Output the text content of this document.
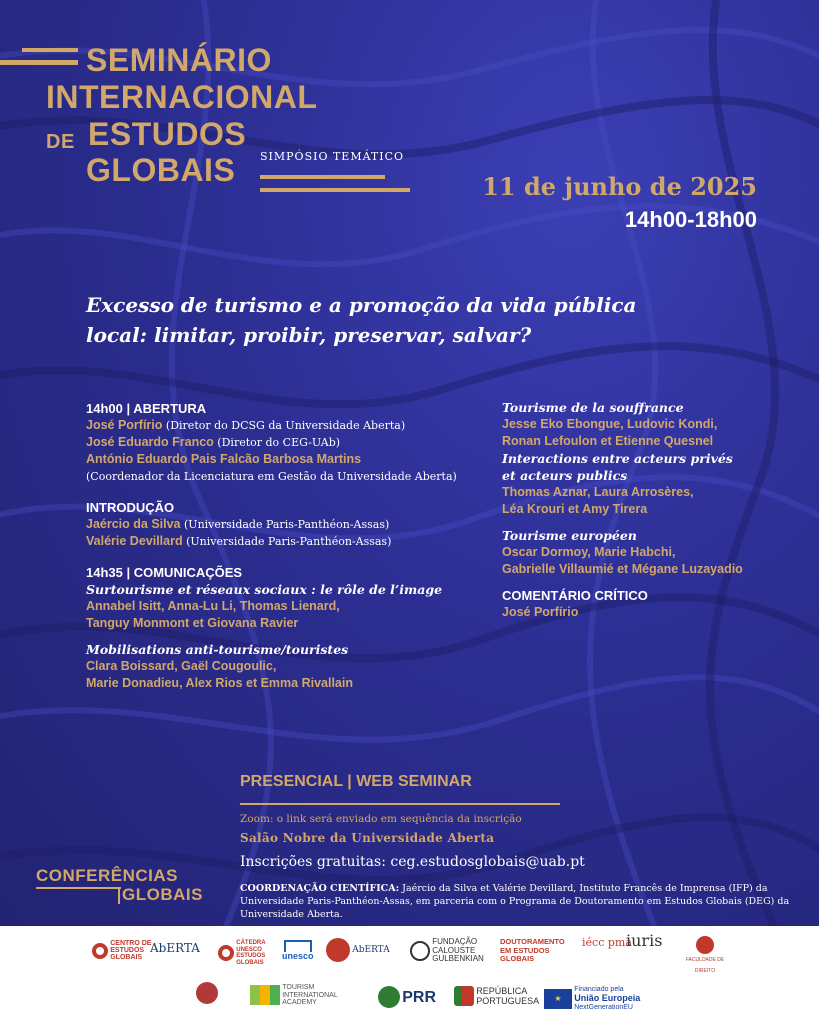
SEMINÁRIO
INTERNACIONAL
DE ESTUDOS
GLOBAIS SIMPÓSIO TEMÁTICO
11 de junho de 2025
14h00-18h00
Excesso de turismo e a promoção da vida pública local: limitar, proibir, preservar, salvar?
14h00 | ABERTURA
José Porfírio (Diretor do DCSG da Universidade Aberta)
José Eduardo Franco (Diretor do CEG-UAb)
António Eduardo Pais Falcão Barbosa Martins
(Coordenador da Licenciatura em Gestão da Universidade Aberta)
INTRODUÇÃO
Jaércio da Silva (Universidade Paris-Panthéon-Assas)
Valérie Devillard (Universidade Paris-Panthéon-Assas)
14h35 | COMUNICAÇÕES
Surtourisme et réseaux sociaux : le rôle de l’image
Annabel Isitt, Anna-Lu Li, Thomas Lienard,
Tanguy Monmont et Giovana Ravier
Mobilisations anti-tourisme/touristes
Clara Boissard, Gaël Cougoulic,
Marie Donadieu, Alex Rios et Emma Rivallain
Tourisme de la souffrance
Jesse Eko Ebongue, Ludovic Kondi,
Ronan Lefoulon et Etienne Quesnel
Interactions entre acteurs privés
et acteurs publics
Thomas Aznar, Laura Arrosères,
Léa Krouri et Amy Tirera
Tourisme européen
Oscar Dormoy, Marie Habchi,
Gabrielle Villaumié et Mégane Luzayadio
COMENTÁRIO CRÍTICO
José Porfírio
PRESENCIAL | WEB SEMINAR
Zoom: o link será enviado em sequência da inscrição
Salão Nobre da Universidade Aberta
Inscrições gratuitas: ceg.estudosglobais@uab.pt
COORDENAÇÃO CIENTÍFICA: Jaércio da Silva et Valérie Devillard, Instituto Francês de Imprensa (IFP) da Universidade Paris-Panthéon-Assas, em parceria com o Programa de Doutoramento em Estudos Globais (DEG) da Universidade Aberta.
CONFERÊNCIAS
GLOBAIS
CENTRO DE
ESTUDOS
GLOBAIS
AbERTA	CÁTEDRA
UNESCO
ESTUDOS
GLOBAIS
unesco
AbERTA
FUNDAÇÃO
CALOUSTE
GULBENKIAN
DOUTORAMENTO
EM ESTUDOS
GLOBAIS
iécc pma
iuris
FACULDADE DE DIREITO
TOURISM
INTERNATIONAL
ACADEMY	PRR	REPÚBLICA
PORTUGUESA	★ Financiado pela
União Europeia
NextGenerationEU
